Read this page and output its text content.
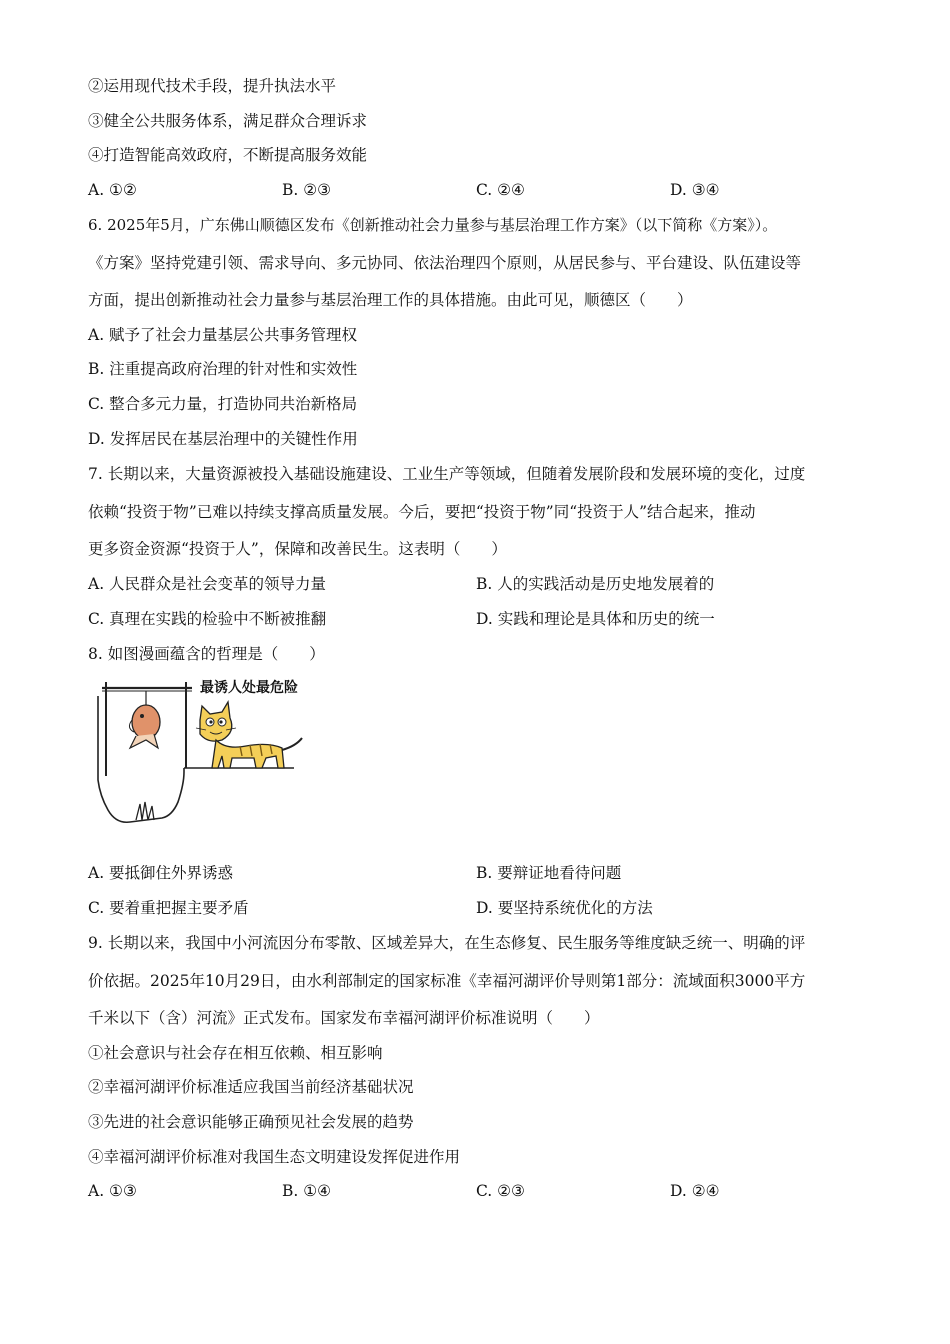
②运用现代技术手段，提升执法水平
③健全公共服务体系，满足群众合理诉求
④打造智能高效政府，不断提高服务效能
A. ①②	B. ②③	C. ②④	D. ③④
6. 2025年5月，广东佛山顺德区发布《创新推动社会力量参与基层治理工作方案》（以下简称《方案》）。
《方案》坚持党建引领、需求导向、多元协同、依法治理四个原则，从居民参与、平台建设、队伍建设等
方面，提出创新推动社会力量参与基层治理工作的具体措施。由此可见，顺德区（　　）
A. 赋予了社会力量基层公共事务管理权
B. 注重提高政府治理的针对性和实效性
C. 整合多元力量，打造协同共治新格局
D. 发挥居民在基层治理中的关键性作用
7. 长期以来，大量资源被投入基础设施建设、工业生产等领域，但随着发展阶段和发展环境的变化，过度
依赖“投资于物”已难以持续支撑高质量发展。今后，要把“投资于物”同“投资于人”结合起来，推动
更多资金资源“投资于人”，保障和改善民生。这表明（　　）
A. 人民群众是社会变革的领导力量	B. 人的实践活动是历史地发展着的
C. 真理在实践的检验中不断被推翻	D. 实践和理论是具体和历史的统一
8. 如图漫画蕴含的哲理是（　　）
最诱人处最危险
A. 要抵御住外界诱惑	B. 要辩证地看待问题
C. 要着重把握主要矛盾	D. 要坚持系统优化的方法
9. 长期以来，我国中小河流因分布零散、区域差异大，在生态修复、民生服务等维度缺乏统一、明确的评
价依据。2025年10月29日，由水利部制定的国家标准《幸福河湖评价导则第1部分：流域面积3000平方
千米以下（含）河流》正式发布。国家发布幸福河湖评价标准说明（　　）
①社会意识与社会存在相互依赖、相互影响
②幸福河湖评价标准适应我国当前经济基础状况
③先进的社会意识能够正确预见社会发展的趋势
④幸福河湖评价标准对我国生态文明建设发挥促进作用
A. ①③	B. ①④	C. ②③	D. ②④
